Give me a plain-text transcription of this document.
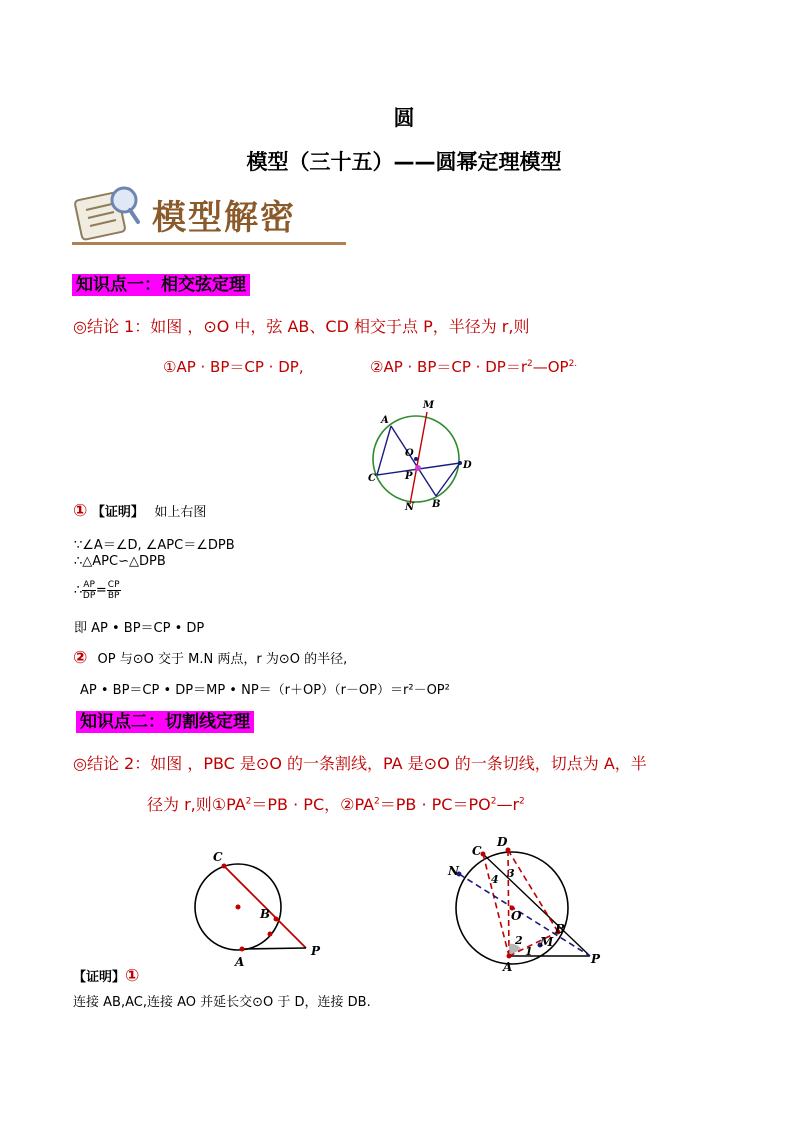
圆
模型（三十五）——圆幂定理模型
模型解密
知识点一：相交弦定理
◎结论 1：如图 ，⊙O 中，弦 AB、CD 相交于点 P，半径为 r,则
①AP · BP＝CP · DP,	②AP · $BP=CP \cdot DP=r^2—OP^{2.}$
A
M
O
P
D
C
N B
① 【证明】 如上右图
∵∠A＝∠D, ∠APC＝∠DPB
∴△APC∽△DPB
∴ $\frac{AP}{DP} = \frac{CP}{BP}$
即 AP • BP＝CP • DP
② OP 与⊙O 交于 M.N 两点，r 为⊙O 的半径,
AP • BP＝CP • DP＝MP • NP＝（r＋OP）（r－OP）＝r²－OP²
知识点二：切割线定理
◎结论 2：如图 ，PBC 是⊙O 的一条割线，PA 是⊙O 的一条切线，切点为 A，半
径为 r,则$①PA^2=PB$ · PC，$②PA^2=PB$ · $PC=PO^2—r^2$
C
B
A
P
D
C
N
4 3
O
2 M
1
B
A
P
【证明】①
连接 AB,AC,连接 AO 并延长交⊙O 于 D，连接 DB.
